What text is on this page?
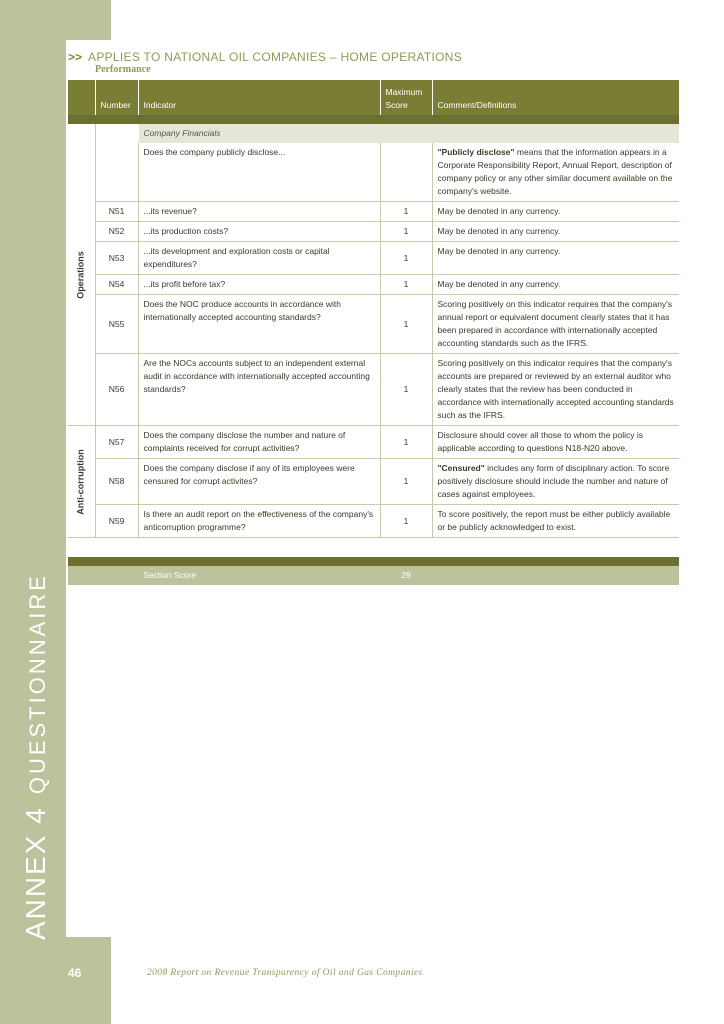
ANNEX 4QUESTIONNAIRE
>> APPLIES TO NATIONAL OIL COMPANIES – HOME OPERATIONS
Performance
	Number	Indicator	Maximum Score	Comment/Definitions

Operations		Company Financials		
		Does the company publicly disclose...		"Publicly disclose" means that the information appears in a Corporate Responsibility Report, Annual Report, description of company policy or any other similar document available on the company's website.
	N51	...its revenue?	1	May be denoted in any currency.
	N52	...its production costs?	1	May be denoted in any currency.
	N53	...its development and exploration costs or capital expenditures?	1	May be denoted in any currency.
	N54	...its profit before tax?	1	May be denoted in any currency.
	N55	Does the NOC produce accounts in accordance with internationally accepted accounting standards?	1	Scoring positively on this indicator requires that the company's annual report or equivalent document clearly states that it has been prepared in accordance with internationally accepted accounting standards such as the IFRS.
	N56	Are the NOCs accounts subject to an independent external audit in accordance with internationally accepted accounting standards?	1	Scoring positively on this indicator requires that the company's accounts are prepared or reviewed by an external auditor who clearly states that the review has been conducted in accordance with internationally accepted accounting standards such as the IFRS.

Anti-corruption	N57	Does the company disclose the number and nature of complaints received for corrupt activities?	1	Disclosure should cover all those to whom the policy is applicable according to questions N18-N20 above.
	N58	Does the company disclose if any of its employees were censured for corrupt activites?	1	"Censured" includes any form of disciplinary action. To score positively disclosure should include the number and nature of cases against employees.
	N59	Is there an audit report on the effectiveness of the company's anticorruption programme?	1	To score positively, the report must be either publicly available or be publicly acknowledged to exist.

		Section Score	29	
46	2008 Report on Revenue Transparency of Oil and Gas Companies
